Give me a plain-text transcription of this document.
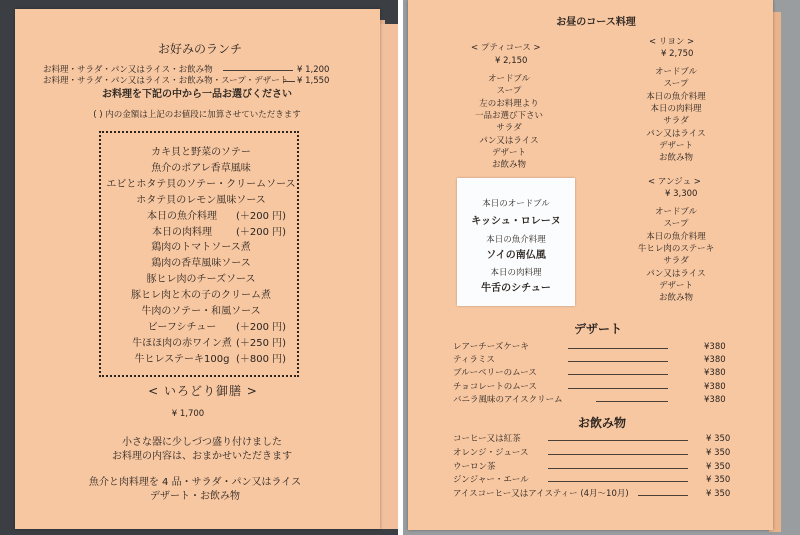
お好みのランチ
お料理・サラダ・パン又はライス・お飲み物	¥ 1,200
お料理・サラダ・パン又はライス・お飲み物・スープ・デザート ¥ 1,550
お料理を下記の中から一品お選びください
( ) 内の金額は上記のお値段に加算させていただきます
カキ貝と野菜のソテー
魚介のポアレ香草風味
エビとホタテ貝のソテー・クリームソース
ホタテ貝のレモン風味ソース
本日の魚介料理 (＋200 円)
本日の肉料理 (＋200 円)
鶏肉のトマトソース煮
鶏肉の香草風味ソース
豚ヒレ肉のチーズソース
豚ヒレ肉と木の子のクリーム煮
牛肉のソテー・和風ソース
ビーフシチュー (＋200 円)
牛ほほ肉の赤ワイン煮 (＋250 円)
牛ヒレステーキ100g (＋800 円)
< いろどり御膳 >
¥ 1,700
小さな器に少しづつ盛り付けました
お料理の内容は、おまかせいただきます
魚介と肉料理を 4 品・サラダ・パン又はライス
デザート・お飲み物
お昼のコース料理
< プティコース >
¥ 2,150
オードブル
スープ
左のお料理より
一品お選び下さい
サラダ
パン又はライス
デザート
お飲み物
< リヨン >
¥ 2,750
オードブル
スープ
本日の魚介料理
本日の肉料理
サラダ
パン又はライス
デザート
お飲み物
< アンジュ >
¥ 3,300
オードブル
スープ
本日の魚介料理
牛ヒレ肉のステーキ
サラダ
パン又はライス
デザート
お飲み物
本日のオードブル
キッシュ・ロレーヌ
本日の魚介料理
ソイの南仏風
本日の肉料理
牛舌のシチュー
デザート
レアーチーズケーキ	¥380
ティラミス	¥380
ブルーベリーのムース	¥380
チョコレートのムース	¥380
バニラ風味のアイスクリーム	¥380
お飲み物
コーヒー又は紅茶	¥ 350
オレンジ・ジュース	¥ 350
ウーロン茶	¥ 350
ジンジャー・エール	¥ 350
アイスコーヒー又はアイスティー (4月〜10月)	¥ 350
